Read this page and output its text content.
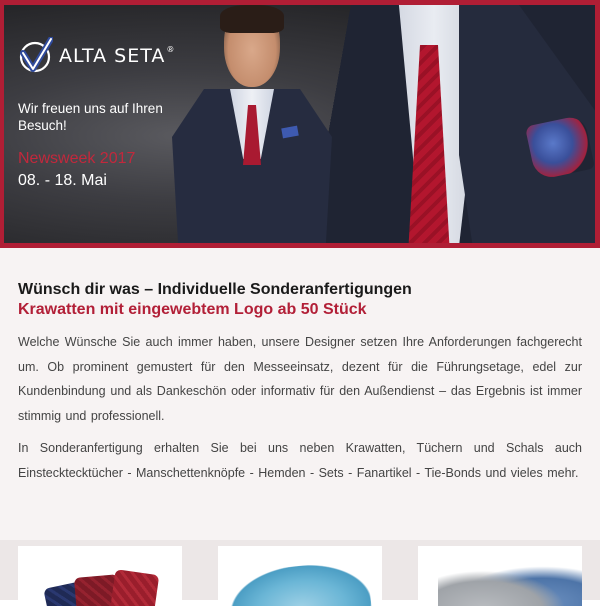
ALTA SETA®
Wir freuen uns auf Ihren Besuch!
Newsweek 2017
08. - 18. Mai
Wünsch dir was – Individuelle Sonderanfertigungen
Krawatten mit eingewebtem Logo ab 50 Stück

Welche Wünsche Sie auch immer haben, unsere Designer setzen Ihre Anforderungen fachgerecht um. Ob prominent gemustert für den Messeeinsatz, dezent für die Führungsetage, edel zur Kundenbindung und als Dankeschön oder informativ für den Außendienst – das Ergebnis ist immer stimmig und professionell.

In Sonderanfertigung erhalten Sie bei uns neben Krawatten, Tüchern und Schals auch Einstecktecktücher - Manschettenknöpfe - Hemden - Sets - Fanartikel - Tie-Bonds und vieles mehr.
